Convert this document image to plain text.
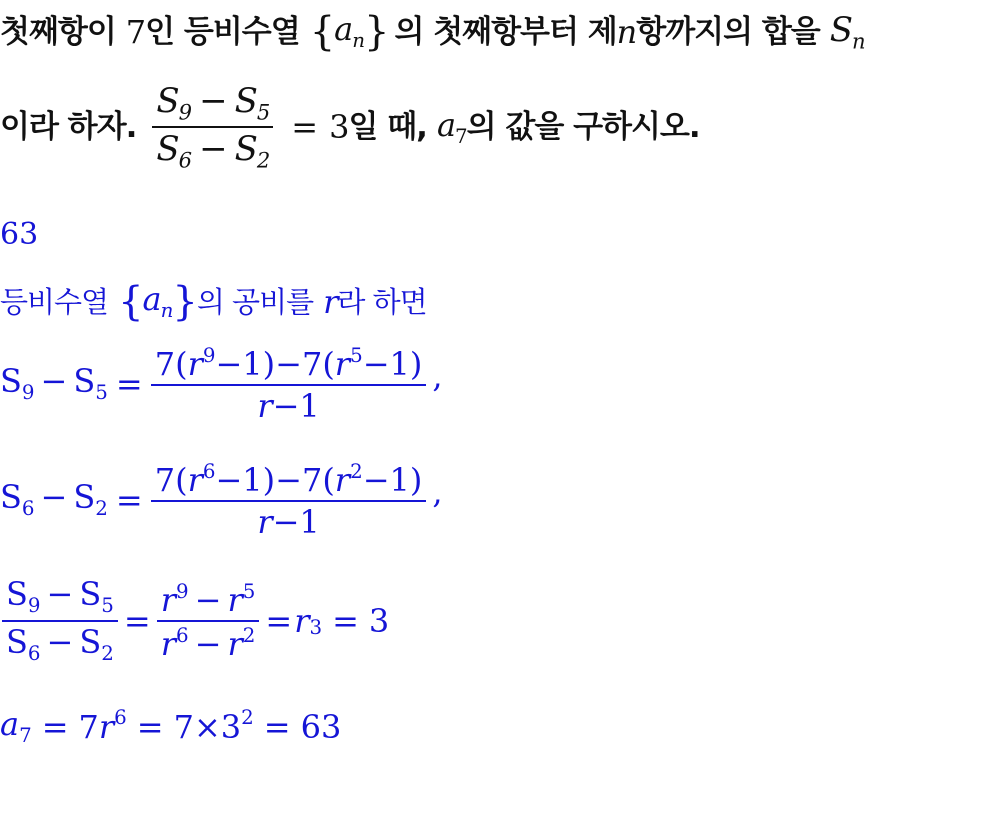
첫째항이 7 인 등비수열 { $a_n$ } 의 첫째항부터 제 n 항까지의 합을 $S_n$
이라 하자. $\frac{S_9 - S_5}{S_6 - S_2} = 3$ 일 때, $a_7$ 의 값을 구하시오.
63
등비수열 { $a_n$ } 의 공비를 r 라 하면
$S_9 - S_5 = \frac{7(r^9-1)-7(r^5-1)}{r-1}$ ,
$S_6 - S_2 = \frac{7(r^6-1)-7(r^2-1)}{r-1}$ ,
$\frac{S_9 - S_5}{S_6 - S_2} = \frac{r^9 - r^5}{r^6 - r^2} = r_3 = 3$
$a_7 = 7$ $r^6 = 7\times 3^2 = 63$
